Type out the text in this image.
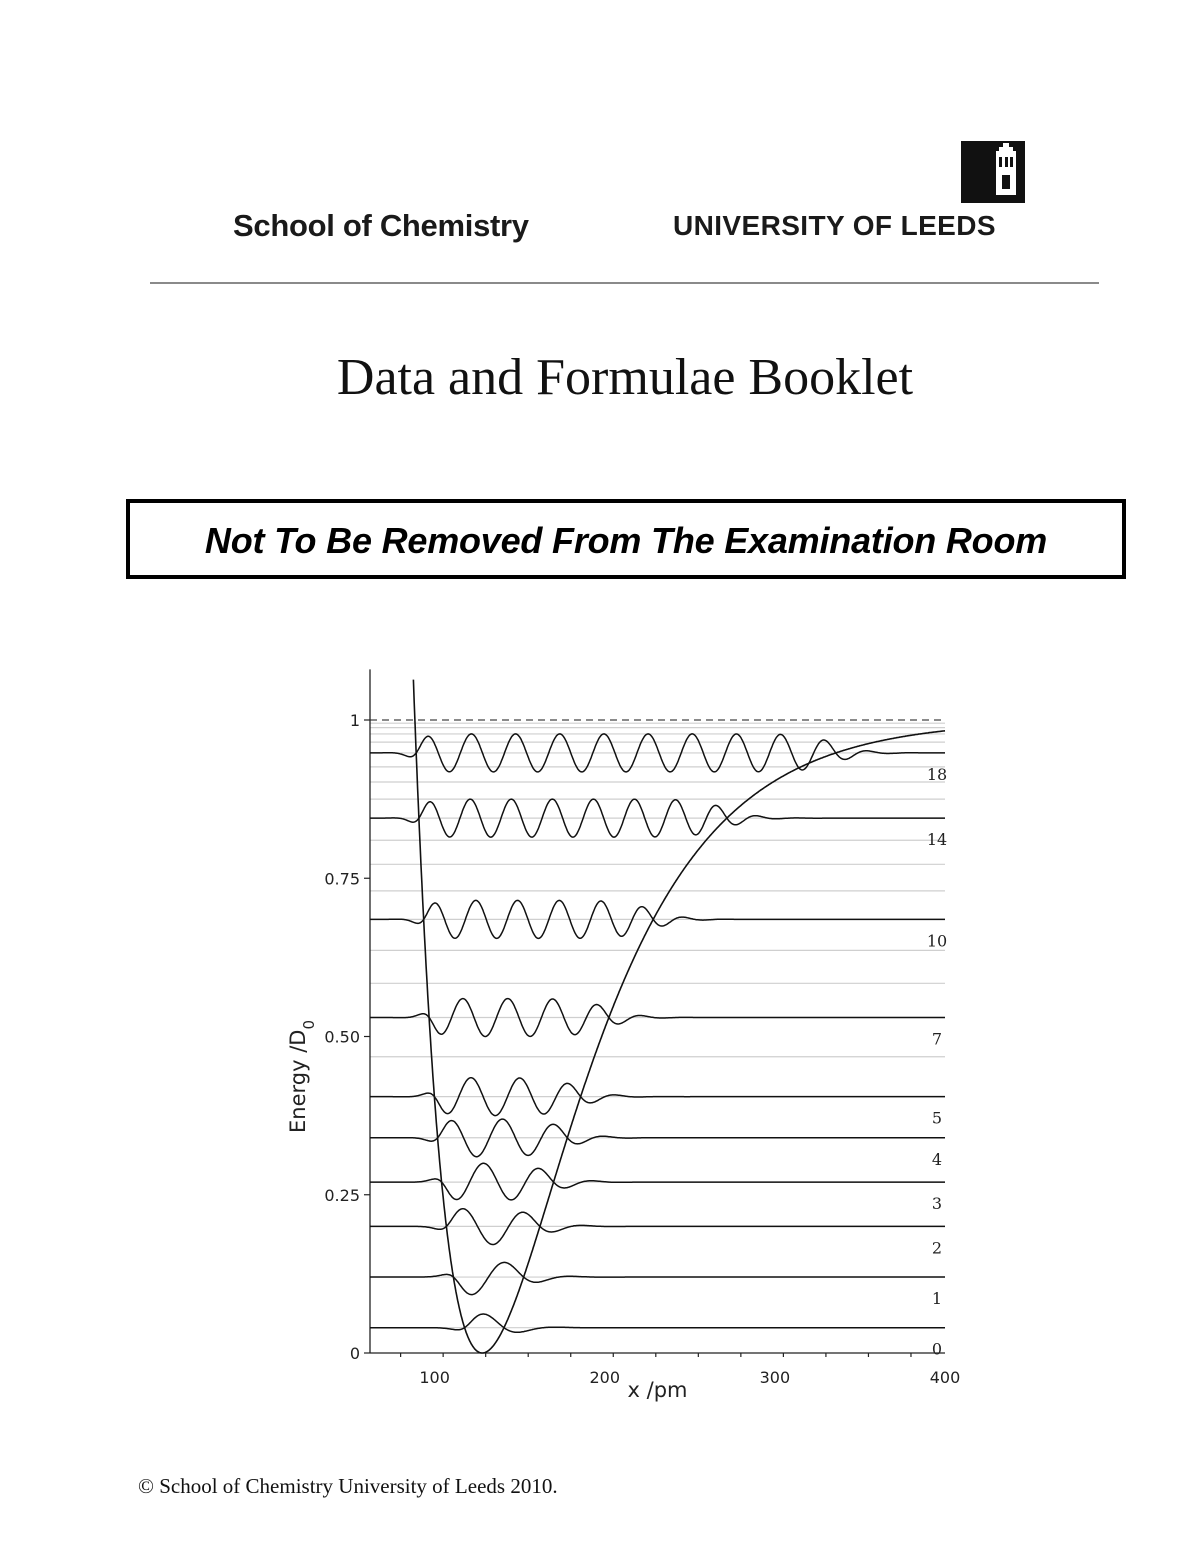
School of Chemistry	UNIVERSITY OF LEEDS
Data and Formulae Booklet
Not To Be Removed From The Examination Room
0
0.25
0.50
0.75
1
100	200	300	400
x /pm
Energy $/D_0$
0
1
2
3
4
5
7
10
14
18
© School of Chemistry University of Leeds 2010.
